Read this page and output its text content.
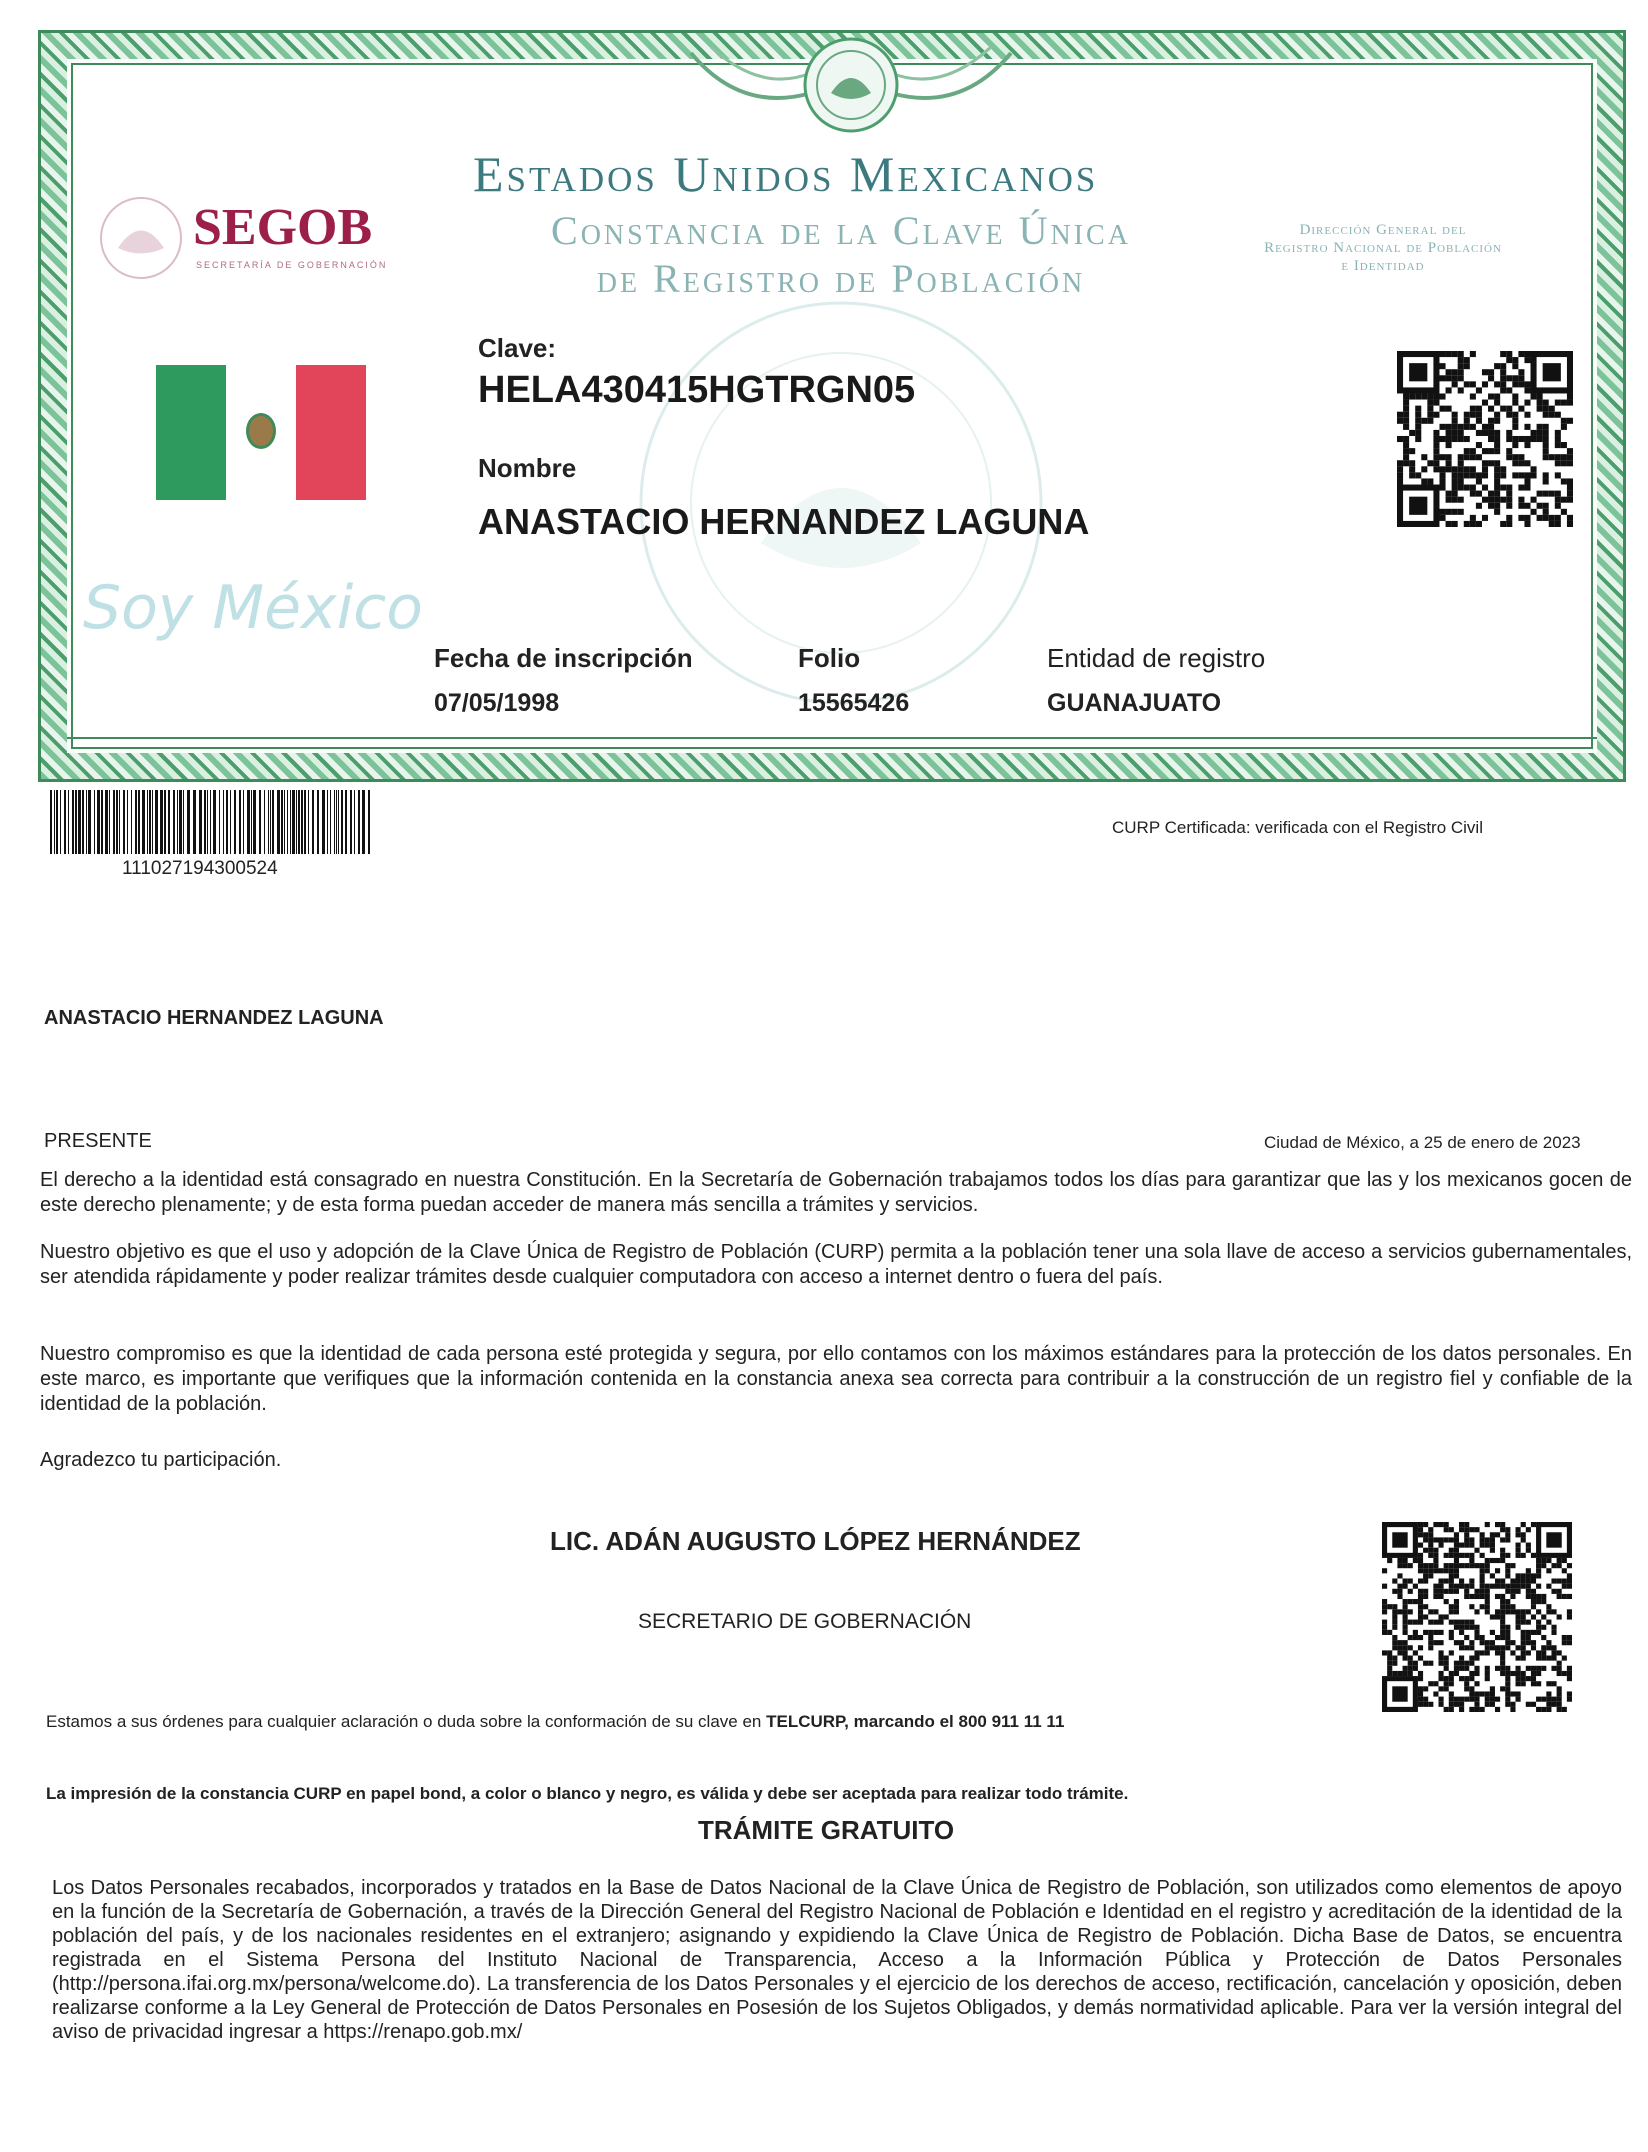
SEGOB
SECRETARÍA DE GOBERNACIÓN
Estados Unidos Mexicanos
Constancia de la Clave Única
de Registro de Población
Dirección General del
Registro Nacional de Población
e Identidad
Soy México
Clave:
HELA430415HGTRGN05
Nombre
ANASTACIO HERNANDEZ LAGUNA
Fecha de inscripción
07/05/1998
Folio
15565426
Entidad de registro
GUANAJUATO
111027194300524
CURP Certificada: verificada con el Registro Civil
ANASTACIO HERNANDEZ LAGUNA
PRESENTE	Ciudad de México, a 25 de enero de 2023
El derecho a la identidad está consagrado en nuestra Constitución. En la Secretaría de Gobernación trabajamos todos los días para garantizar que las y los mexicanos gocen de este derecho plenamente; y de esta forma puedan acceder de manera más sencilla a trámites y servicios.
Nuestro objetivo es que el uso y adopción de la Clave Única de Registro de Población (CURP) permita a la población tener una sola llave de acceso a servicios gubernamentales, ser atendida rápidamente y poder realizar trámites desde cualquier computadora con acceso a internet dentro o fuera del país.
Nuestro compromiso es que la identidad de cada persona esté protegida y segura, por ello contamos con los máximos estándares para la protección de los datos personales. En este marco, es importante que verifiques que la información contenida en la constancia anexa sea correcta para contribuir a la construcción de un registro fiel y confiable de la identidad de la población.
Agradezco tu participación.
LIC. ADÁN AUGUSTO LÓPEZ HERNÁNDEZ
SECRETARIO DE GOBERNACIÓN
Estamos a sus órdenes para cualquier aclaración o duda sobre la conformación de su clave en TELCURP, marcando el 800 911 11 11
La impresión de la constancia CURP en papel bond, a color o blanco y negro, es válida y debe ser aceptada para realizar todo trámite.
TRÁMITE GRATUITO
Los Datos Personales recabados, incorporados y tratados en la Base de Datos Nacional de la Clave Única de Registro de Población, son utilizados como elementos de apoyo en la función de la Secretaría de Gobernación, a través de la Dirección General del Registro Nacional de Población e Identidad en el registro y acreditación de la identidad de la población del país, y de los nacionales residentes en el extranjero; asignando y expidiendo la Clave Única de Registro de Población. Dicha Base de Datos, se encuentra registrada en el Sistema Persona del Instituto Nacional de Transparencia, Acceso a la Información Pública y Protección de Datos Personales (http://persona.ifai.org.mx/persona/welcome.do). La transferencia de los Datos Personales y el ejercicio de los derechos de acceso, rectificación, cancelación y oposición, deben realizarse conforme a la Ley General de Protección de Datos Personales en Posesión de los Sujetos Obligados, y demás normatividad aplicable. Para ver la versión integral del aviso de privacidad ingresar a https://renapo.gob.mx/
